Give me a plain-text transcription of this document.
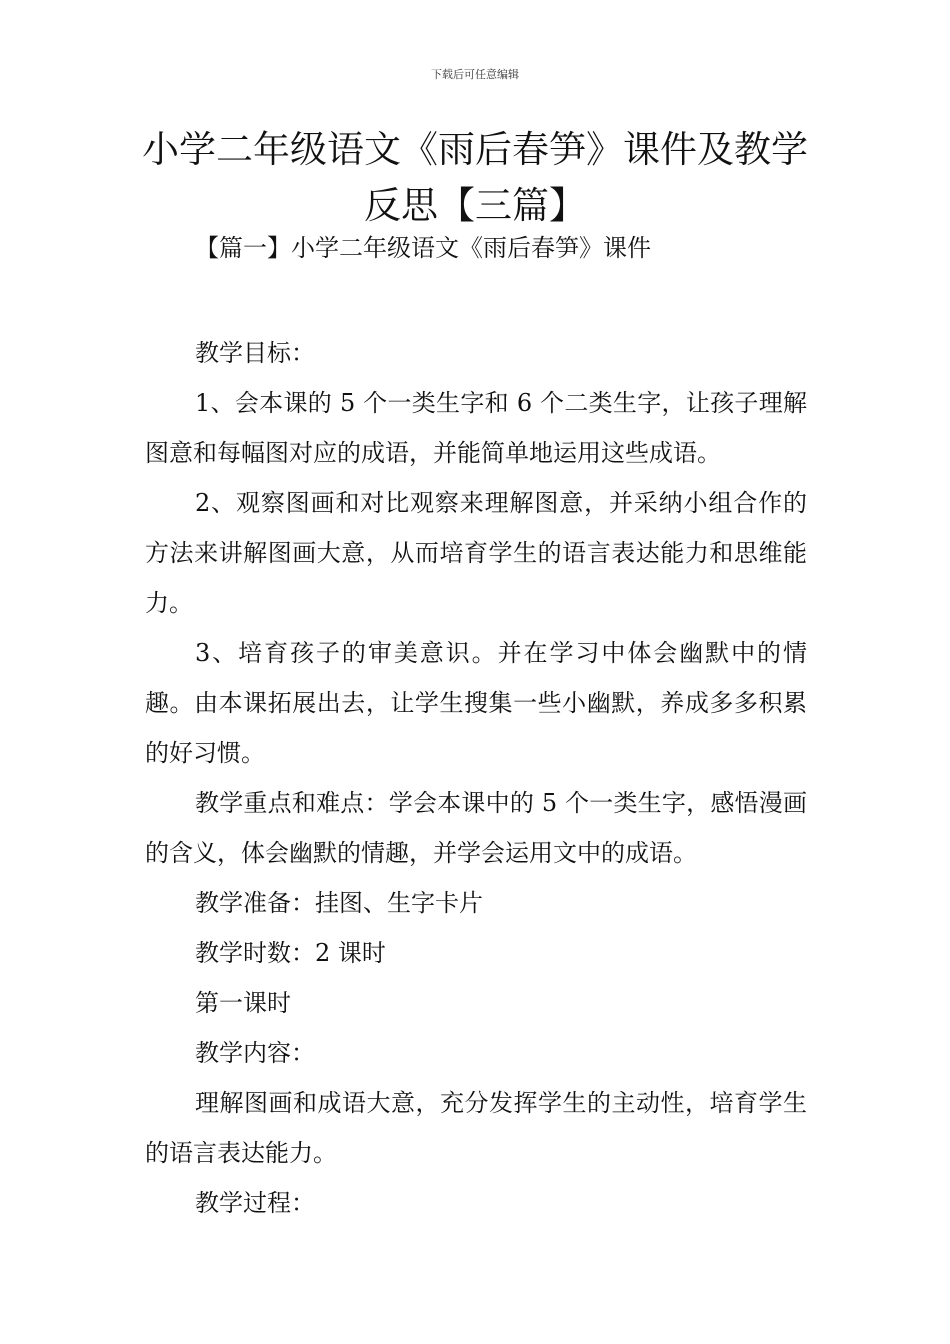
下载后可任意编辑
小学二年级语文《雨后春笋》课件及教学反思【三篇】

【篇一】小学二年级语文《雨后春笋》课件

教学目标：

1、会本课的 5 个一类生字和 6 个二类生字，让孩子理解图意和每幅图对应的成语，并能简单地运用这些成语。

2、观察图画和对比观察来理解图意，并采纳小组合作的方法来讲解图画大意，从而培育学生的语言表达能力和思维能力。

3、培育孩子的审美意识。并在学习中体会幽默中的情趣。由本课拓展出去，让学生搜集一些小幽默，养成多多积累的好习惯。

教学重点和难点：学会本课中的 5 个一类生字，感悟漫画的含义，体会幽默的情趣，并学会运用文中的成语。

教学准备：挂图、生字卡片

教学时数：2 课时

第一课时

教学内容：

理解图画和成语大意，充分发挥学生的主动性，培育学生的语言表达能力。

教学过程：
